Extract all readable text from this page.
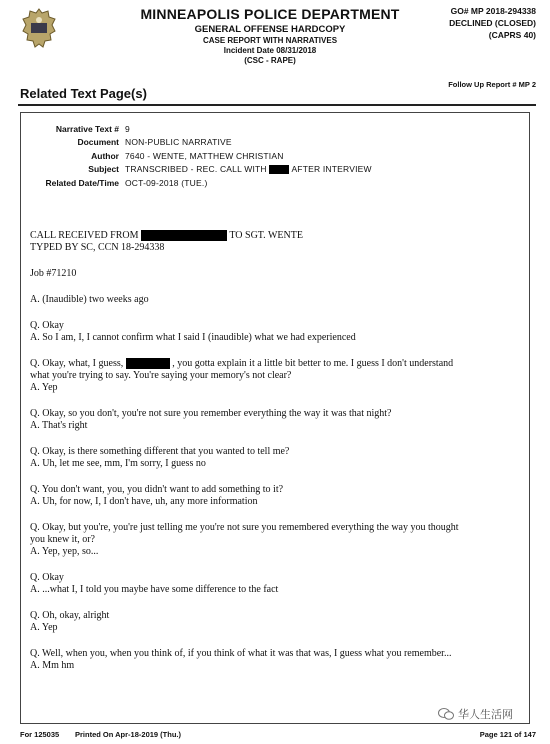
MINNEAPOLIS POLICE DEPARTMENT
GENERAL OFFENSE HARDCOPY
CASE REPORT WITH NARRATIVES
Incident Date 08/31/2018
(CSC - RAPE)
GO# MP 2018-294338
DECLINED (CLOSED)
(CAPRS 40)
Related Text Page(s)
Follow Up Report # MP 2
Narrative Text # 9
Document NON-PUBLIC NARRATIVE
Author 7640 - WENTE, MATTHEW CHRISTIAN
Subject TRANSCRIBED - REC. CALL WITH	AFTER INTERVIEW
Related Date/Time OCT-09-2018 (TUE.)
CALL RECEIVED FROM	TO SGT. WENTE
TYPED BY SC, CCN 18-294338
Job #71210
A. (Inaudible) two weeks ago
Q. Okay
A. So I am, I, I cannot confirm what I said I (inaudible) what we had experienced
Q. Okay, what, I guess,	, you gotta explain it a little bit better to me. I guess I don't understand
what you're trying to say. You're saying your memory's not clear?
A. Yep
Q. Okay, so you don't, you're not sure you remember everything the way it was that night?
A. That's right
Q. Okay, is there something different that you wanted to tell me?
A. Uh, let me see, mm, I'm sorry, I guess no
Q. You don't want, you, you didn't want to add something to it?
A. Uh, for now, I, I don't have, uh, any more information
Q. Okay, but you're, you're just telling me you're not sure you remembered everything the way you thought
you knew it, or?
A. Yep, yep, so...
Q. Okay
A. ...what I, I told you maybe have some difference to the fact
Q. Oh, okay, alright
A. Yep
Q. Well, when you, when you think of, if you think of what it was that was, I guess what you remember...
A. Mm hm
华人生活网
For 125035 Printed On Apr-18-2019 (Thu.)	Page 121 of 147
